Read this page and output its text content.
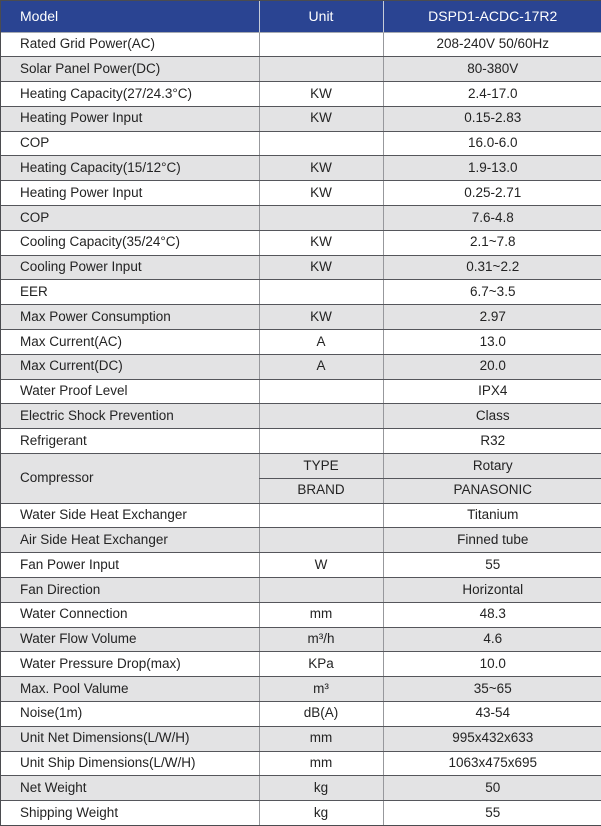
Model	Unit	DSPD1-ACDC-17R2
Rated Grid Power(AC)		208-240V 50/60Hz
Solar Panel Power(DC)		80-380V
Heating Capacity(27/24.3°C)	KW	2.4-17.0
Heating Power Input	KW	0.15-2.83
COP		16.0-6.0
Heating Capacity(15/12°C)	KW	1.9-13.0
Heating Power Input	KW	0.25-2.71
COP		7.6-4.8
Cooling Capacity(35/24°C)	KW	2.1~7.8
Cooling Power Input	KW	0.31~2.2
EER		6.7~3.5
Max Power Consumption	KW	2.97
Max Current(AC)	A	13.0
Max Current(DC)	A	20.0
Water Proof Level		IPX4
Electric Shock Prevention		Class
Refrigerant		R32
Compressor	TYPE	Rotary
	BRAND	PANASONIC
Water Side Heat Exchanger		Titanium
Air Side Heat Exchanger		Finned tube
Fan Power Input	W	55
Fan Direction		Horizontal
Water Connection	mm	48.3
Water Flow Volume	m³/h	4.6
Water Pressure Drop(max)	KPa	10.0
Max. Pool Valume	m³	35~65
Noise(1m)	dB(A)	43-54
Unit Net Dimensions(L/W/H)	mm	995x432x633
Unit Ship Dimensions(L/W/H)	mm	1063x475x695
Net Weight	kg	50
Shipping Weight	kg	55
